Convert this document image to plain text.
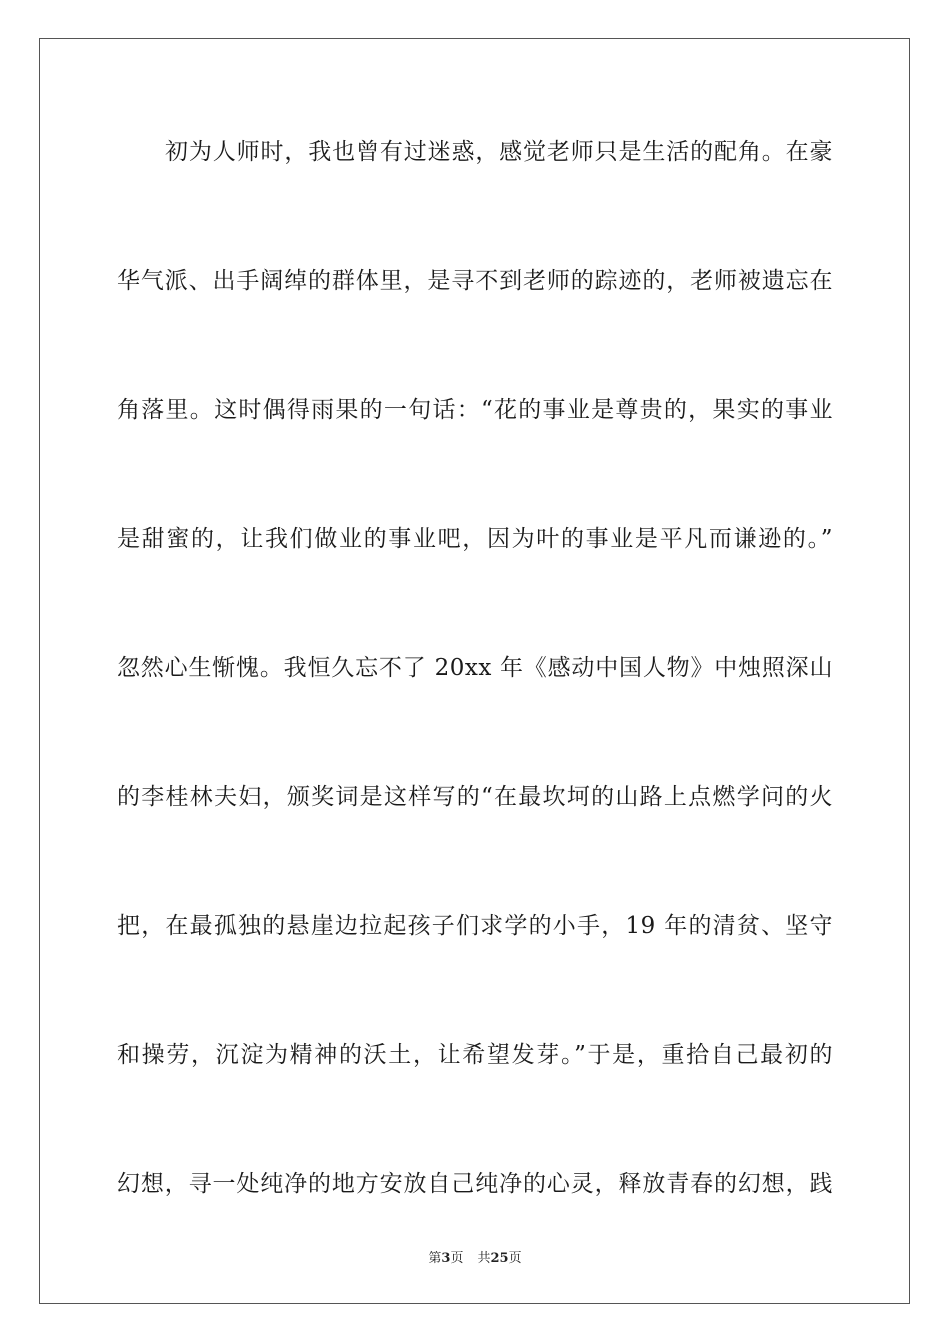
初为人师时，我也曾有过迷惑，感觉老师只是生活的配角。在豪
华气派、出手阔绰的群体里，是寻不到老师的踪迹的，老师被遗忘在
角落里。这时偶得雨果的一句话：“花的事业是尊贵的，果实的事业
是甜蜜的，让我们做业的事业吧，因为叶的事业是平凡而谦逊的。”
忽然心生惭愧。我恒久忘不了 20xx 年《感动中国人物》中烛照深山
的李桂林夫妇，颁奖词是这样写的“在最坎坷的山路上点燃学问的火
把，在最孤独的悬崖边拉起孩子们求学的小手，19 年的清贫、坚守
和操劳，沉淀为精神的沃土，让希望发芽。”于是，重拾自己最初的
幻想，寻一处纯净的地方安放自己纯净的心灵，释放青春的幻想，践
第3页 共25页
